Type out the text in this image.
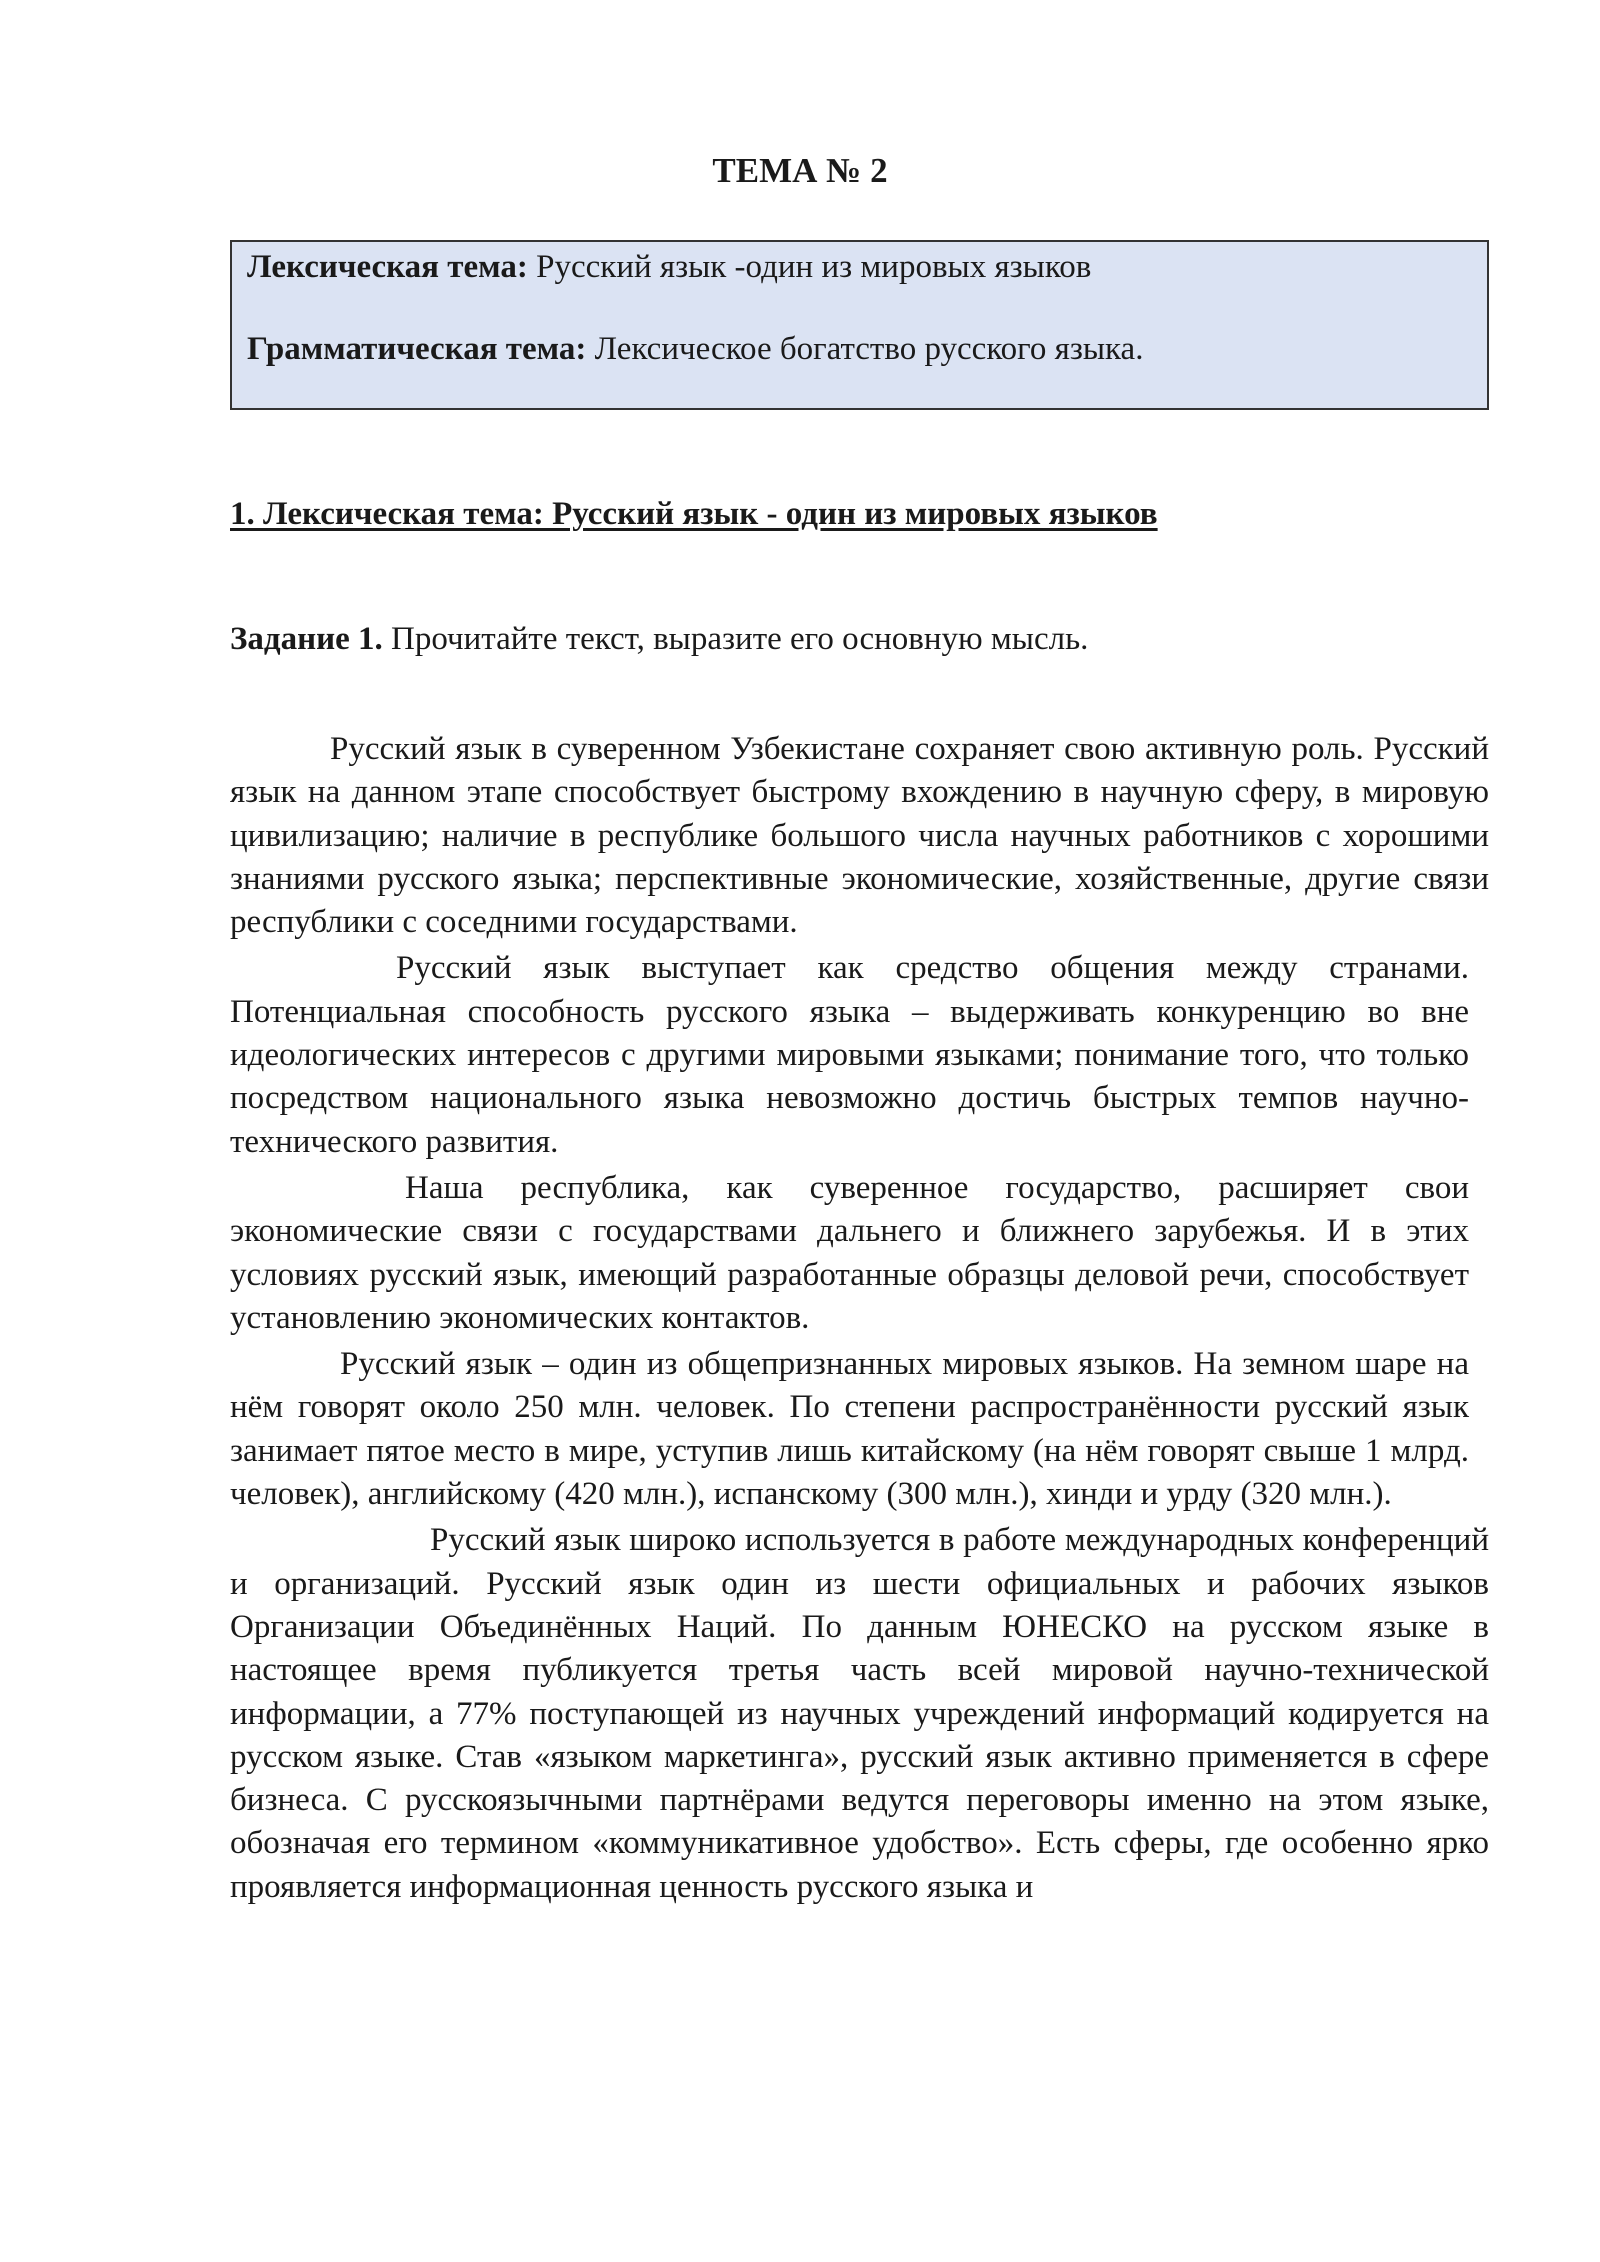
ТЕМА № 2

Лексическая тема: Русский язык -один из мировых языков

Грамматическая тема: Лексическое богатство русского языка.

1. Лексическая тема: Русский язык - один из мировых языков
Задание 1. Прочитайте текст, выразите его основную мысль.

Русский язык в суверенном Узбекистане сохраняет свою активную роль. Русский язык на данном этапе способствует быстрому вхождению в научную сферу, в мировую цивилизацию; наличие в республике большого числа научных работников с хорошими знаниями русского языка; перспективные экономические, хозяйственные, другие связи республики с соседними государствами.

Русский язык выступает как средство общения между странами. Потенциальная способность русского языка – выдерживать конкуренцию во вне идеологических интересов с другими мировыми языками; понимание того, что только посредством национального языка невозможно достичь быстрых темпов научно-технического развития.

Наша республика, как суверенное государство, расширяет свои экономические связи с государствами дальнего и ближнего зарубежья. И в этих условиях русский язык, имеющий разработанные образцы деловой речи, способствует установлению экономических контактов.

Русский язык – один из общепризнанных мировых языков. На земном шаре на нём говорят около 250 млн. человек. По степени распространённости русский язык занимает пятое место в мире, уступив лишь китайскому (на нём говорят свыше 1 млрд. человек), английскому (420 млн.), испанскому (300 млн.), хинди и урду (320 млн.).

Русский язык широко используется в работе международных конференций и организаций. Русский язык один из шести официальных и рабочих языков Организации Объединённых Наций. По данным ЮНЕСКО на русском языке в настоящее время публикуется третья часть всей мировой научно-технической информации, а 77% поступающей из научных учреждений информаций кодируется на русском языке. Став «языком маркетинга», русский язык активно применяется в сфере бизнеса. С русскоязычными партнёрами ведутся переговоры именно на этом языке, обозначая его термином «коммуникативное удобство». Есть сферы, где особенно ярко проявляется информационная ценность русского языка и
